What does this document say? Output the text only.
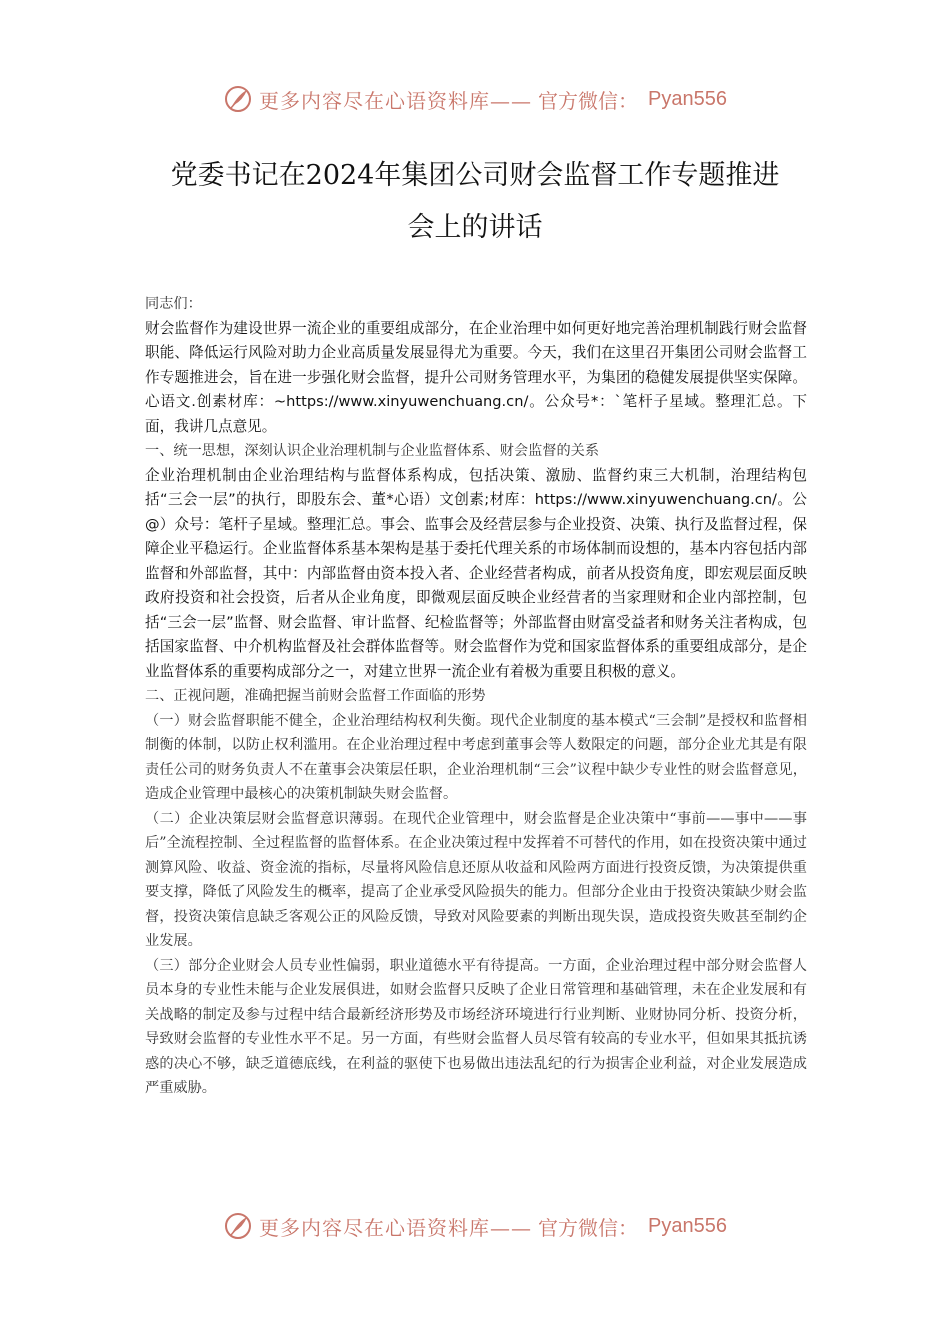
更多内容尽在心语资料库—— 官方微信： Pyan556
党委书记在2024年集团公司财会监督工作专题推进
会上的讲话

同志们：

财会监督作为建设世界一流企业的重要组成部分，在企业治理中如何更好地完善治理机制践行财会监督职能、降低运行风险对助力企业高质量发展显得尤为重要。今天，我们在这里召开集团公司财会监督工作专题推进会，旨在进一步强化财会监督，提升公司财务管理水平，为集团的稳健发展提供坚实保障。心语文.创素材库：~https://www.xinyuwenchuang.cn/。公众号*：`笔杆子星域。整理汇总。下面，我讲几点意见。

一、统一思想，深刻认识企业治理机制与企业监督体系、财会监督的关系

企业治理机制由企业治理结构与监督体系构成，包括决策、激励、监督约束三大机制，治理结构包括“三会一层”的执行，即股东会、董*心语）文创素;材库：https://www.xinyuwenchuang.cn/。公@）众号：笔杆子星域。整理汇总。事会、监事会及经营层参与企业投资、决策、执行及监督过程，保障企业平稳运行。企业监督体系基本架构是基于委托代理关系的市场体制而设想的，基本内容包括内部监督和外部监督，其中：内部监督由资本投入者、企业经营者构成，前者从投资角度，即宏观层面反映政府投资和社会投资，后者从企业角度，即微观层面反映企业经营者的当家理财和企业内部控制，包括“三会一层”监督、财会监督、审计监督、纪检监督等；外部监督由财富受益者和财务关注者构成，包括国家监督、中介机构监督及社会群体监督等。财会监督作为党和国家监督体系的重要组成部分，是企业监督体系的重要构成部分之一，对建立世界一流企业有着极为重要且积极的意义。

二、正视问题，准确把握当前财会监督工作面临的形势

（一）财会监督职能不健全，企业治理结构权利失衡。现代企业制度的基本模式“三会制”是授权和监督相制衡的体制，以防止权利滥用。在企业治理过程中考虑到董事会等人数限定的问题，部分企业尤其是有限责任公司的财务负责人不在董事会决策层任职，企业治理机制“三会”议程中缺少专业性的财会监督意见，造成企业管理中最核心的决策机制缺失财会监督。

（二）企业决策层财会监督意识薄弱。在现代企业管理中，财会监督是企业决策中“事前——事中——事后”全流程控制、全过程监督的监督体系。在企业决策过程中发挥着不可替代的作用，如在投资决策中通过测算风险、收益、资金流的指标，尽量将风险信息还原从收益和风险两方面进行投资反馈，为决策提供重要支撑，降低了风险发生的概率，提高了企业承受风险损失的能力。但部分企业由于投资决策缺少财会监督，投资决策信息缺乏客观公正的风险反馈，导致对风险要素的判断出现失误，造成投资失败甚至制约企业发展。

（三）部分企业财会人员专业性偏弱，职业道德水平有待提高。一方面，企业治理过程中部分财会监督人员本身的专业性未能与企业发展俱进，如财会监督只反映了企业日常管理和基础管理，未在企业发展和有关战略的制定及参与过程中结合最新经济形势及市场经济环境进行行业判断、业财协同分析、投资分析，导致财会监督的专业性水平不足。另一方面，有些财会监督人员尽管有较高的专业水平，但如果其抵抗诱惑的决心不够，缺乏道德底线，在利益的驱使下也易做出违法乱纪的行为损害企业利益，对企业发展造成严重威胁。

更多内容尽在心语资料库—— 官方微信： Pyan556
